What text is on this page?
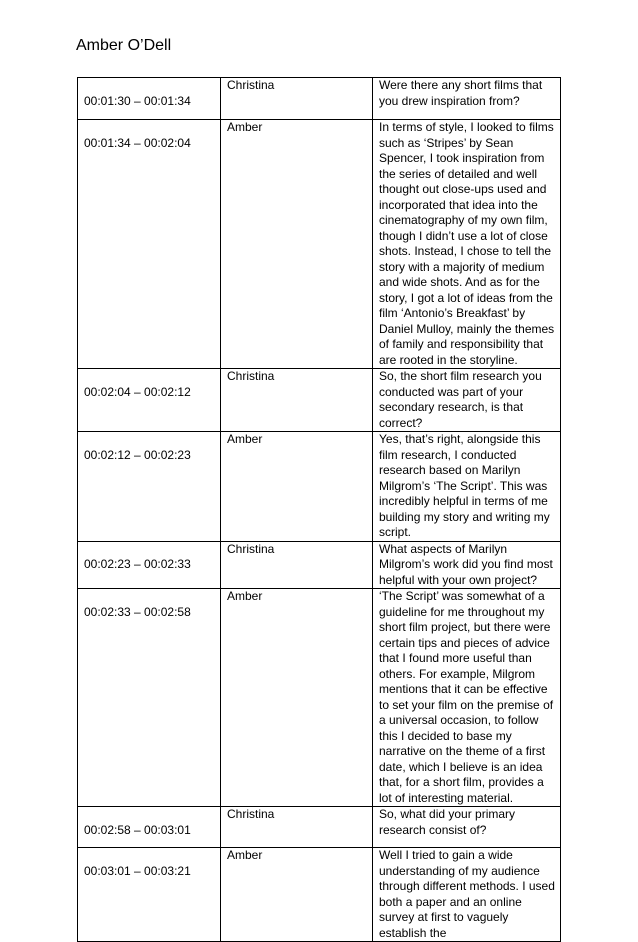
Amber O’Dell
00:01:30 – 00:01:34	Christina	Were there any short films that you drew inspiration from?
00:01:34 – 00:02:04	Amber	In terms of style, I looked to films such as ‘Stripes’ by Sean Spencer, I took inspiration from the series of detailed and well thought out close-ups used and incorporated that idea into the cinematography of my own film, though I didn’t use a lot of close shots. Instead, I chose to tell the story with a majority of medium and wide shots. And as for the story, I got a lot of ideas from the film ‘Antonio’s Breakfast’ by Daniel Mulloy, mainly the themes of family and responsibility that are rooted in the storyline.
00:02:04 – 00:02:12	Christina	So, the short film research you conducted was part of your secondary research, is that correct?
00:02:12 – 00:02:23	Amber	Yes, that’s right, alongside this film research, I conducted research based on Marilyn Milgrom’s ‘The Script’. This was incredibly helpful in terms of me building my story and writing my script.
00:02:23 – 00:02:33	Christina	What aspects of Marilyn Milgrom’s work did you find most helpful with your own project?
00:02:33 – 00:02:58	Amber	‘The Script’ was somewhat of a guideline for me throughout my short film project, but there were certain tips and pieces of advice that I found more useful than others. For example, Milgrom mentions that it can be effective to set your film on the premise of a universal occasion, to follow this I decided to base my narrative on the theme of a first date, which I believe is an idea that, for a short film, provides a lot of interesting material.
00:02:58 – 00:03:01	Christina	So, what did your primary research consist of?
00:03:01 – 00:03:21	Amber	Well I tried to gain a wide understanding of my audience through different methods. I used both a paper and an online survey at first to vaguely establish the
